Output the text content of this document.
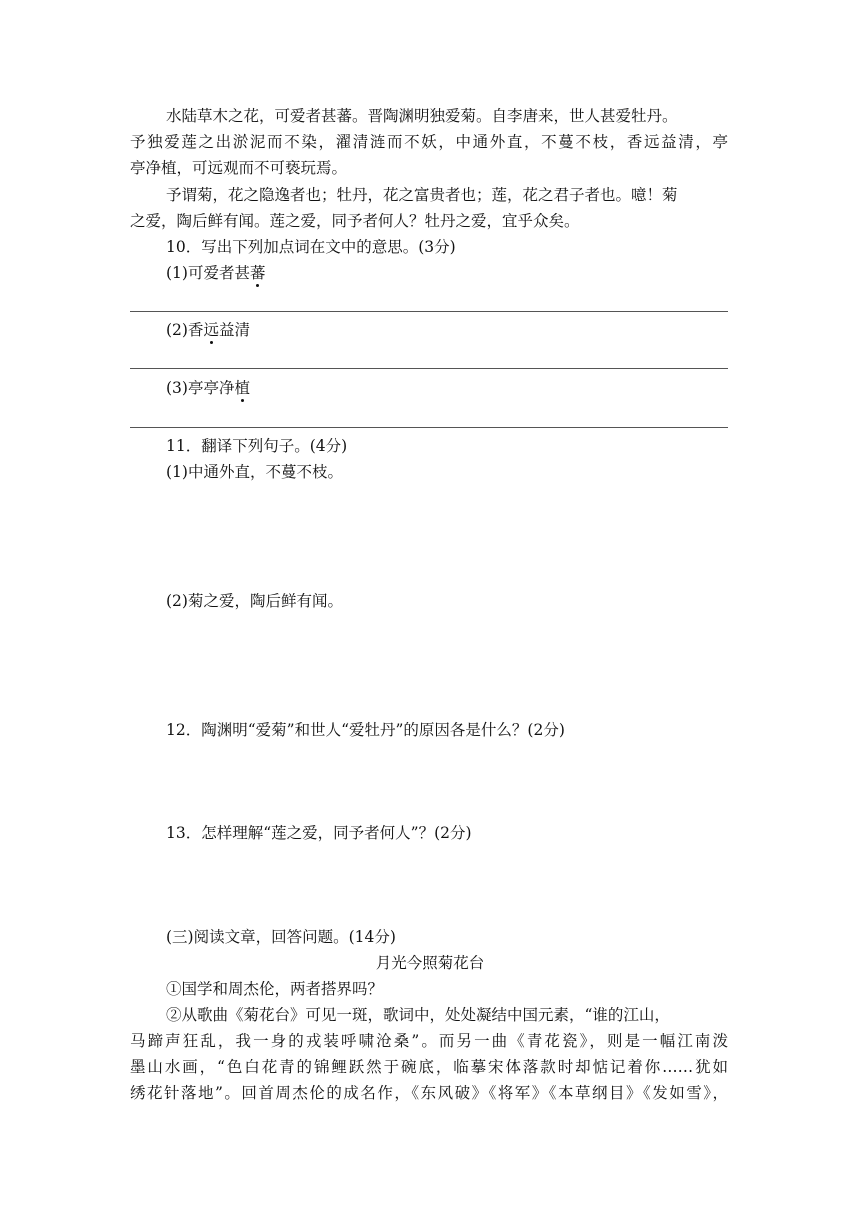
水陆草木之花，可爱者甚蕃。晋陶渊明独爱菊。自李唐来，世人甚爱牡丹。
予独爱莲之出淤泥而不染，濯清涟而不妖，中通外直，不蔓不枝，香远益清，亭
亭净植，可远观而不可亵玩焉。
予谓菊，花之隐逸者也；牡丹，花之富贵者也；莲，花之君子者也。噫！菊
之爱，陶后鲜有闻。莲之爱，同予者何人？牡丹之爱，宜乎众矣。
10．写出下列加点词在文中的意思。(3分)
(1)可爱者甚蕃
(2)香远益清
(3)亭亭净植
11．翻译下列句子。(4分)
(1)中通外直，不蔓不枝。
(2)菊之爱，陶后鲜有闻。
12．陶渊明“爱菊”和世人“爱牡丹”的原因各是什么？(2分)
13．怎样理解“莲之爱，同予者何人”？(2分)
(三)阅读文章，回答问题。(14分)
月光今照菊花台
①国学和周杰伦，两者搭界吗？
②从歌曲《菊花台》可见一斑，歌词中，处处凝结中国元素，“谁的江山，
马蹄声狂乱，我一身的戎装呼啸沧桑”。而另一曲《青花瓷》，则是一幅江南泼
墨山水画，“色白花青的锦鲤跃然于碗底，临摹宋体落款时却惦记着你……犹如
绣花针落地”。回首周杰伦的成名作，《东风破》《将军》《本草纲目》《发如雪》，
